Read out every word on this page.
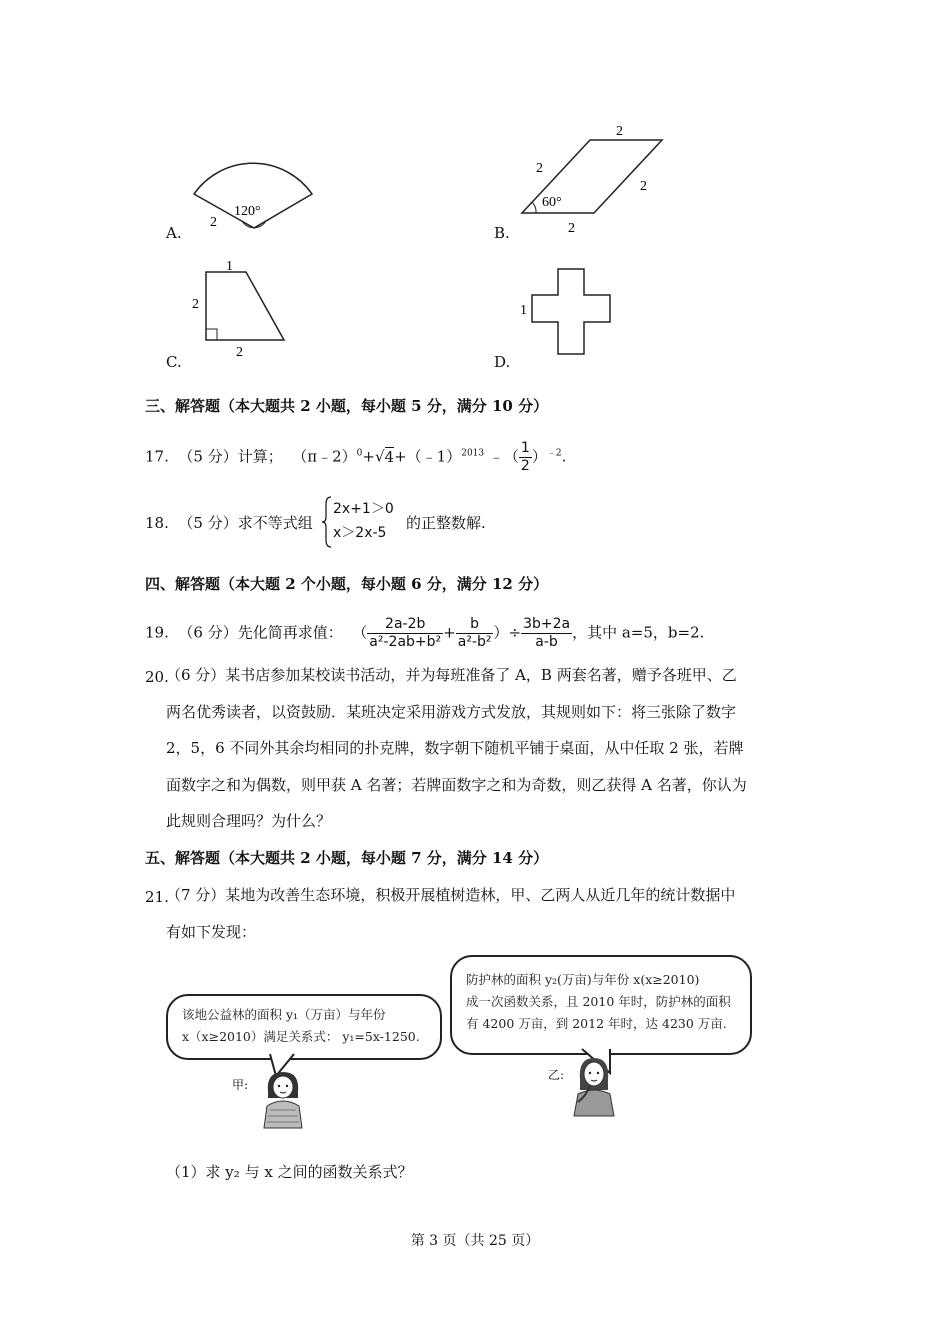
A.
120°
2
B.
60°
2
2
2
2
C.
1
2
2
D.
1
三、解答题（本大题共 2 小题，每小题 5 分，满分 10 分）
17. （5 分）计算； （π﹣2）$^0$+√4+（﹣1）$^{2013}$ ﹣（ $\frac{1}{2} )^{﹣2}$.
18. （5 分）求不等式组
2x+1＞0
x＞2x-5
的正整数解.
四、解答题（本大题 2 个小题，每小题 6 分，满分 12 分）
19. （6 分）先化简再求值： （ $\frac{2a-2b}{\text{a²-2ab+b²}} + \frac{b}{\text{a²-b²}}$ ）÷ $\frac{3b+2a}{a-b}$ ，其中 a=5，b=2.
20.
（6 分）某书店参加某校读书活动，并为每班准备了 A，B 两套名著，赠予各班甲、乙
两名优秀读者，以资鼓励．某班决定采用游戏方式发放，其规则如下：将三张除了数字
2，5，6 不同外其余均相同的扑克牌，数字朝下随机平铺于桌面，从中任取 2 张，若牌
面数字之和为偶数，则甲获 A 名著；若牌面数字之和为奇数，则乙获得 A 名著，你认为
此规则合理吗？为什么？
五、解答题（本大题共 2 小题，每小题 7 分，满分 14 分）
21.
（7 分）某地为改善生态环境，积极开展植树造林，甲、乙两人从近几年的统计数据中
有如下发现：
该地公益林的面积 y₁（万亩）与年份
x（x≥2010）满足关系式： y₁=5x-1250.
防护林的面积 y₂(万亩)与年份 x(x≥2010)
成一次函数关系，且 2010 年时，防护林的面积
有 4200 万亩，到 2012 年时，达 4230 万亩.
甲:
乙:
（1）求 y₂ 与 x 之间的函数关系式？
第 3 页（共 25 页）
